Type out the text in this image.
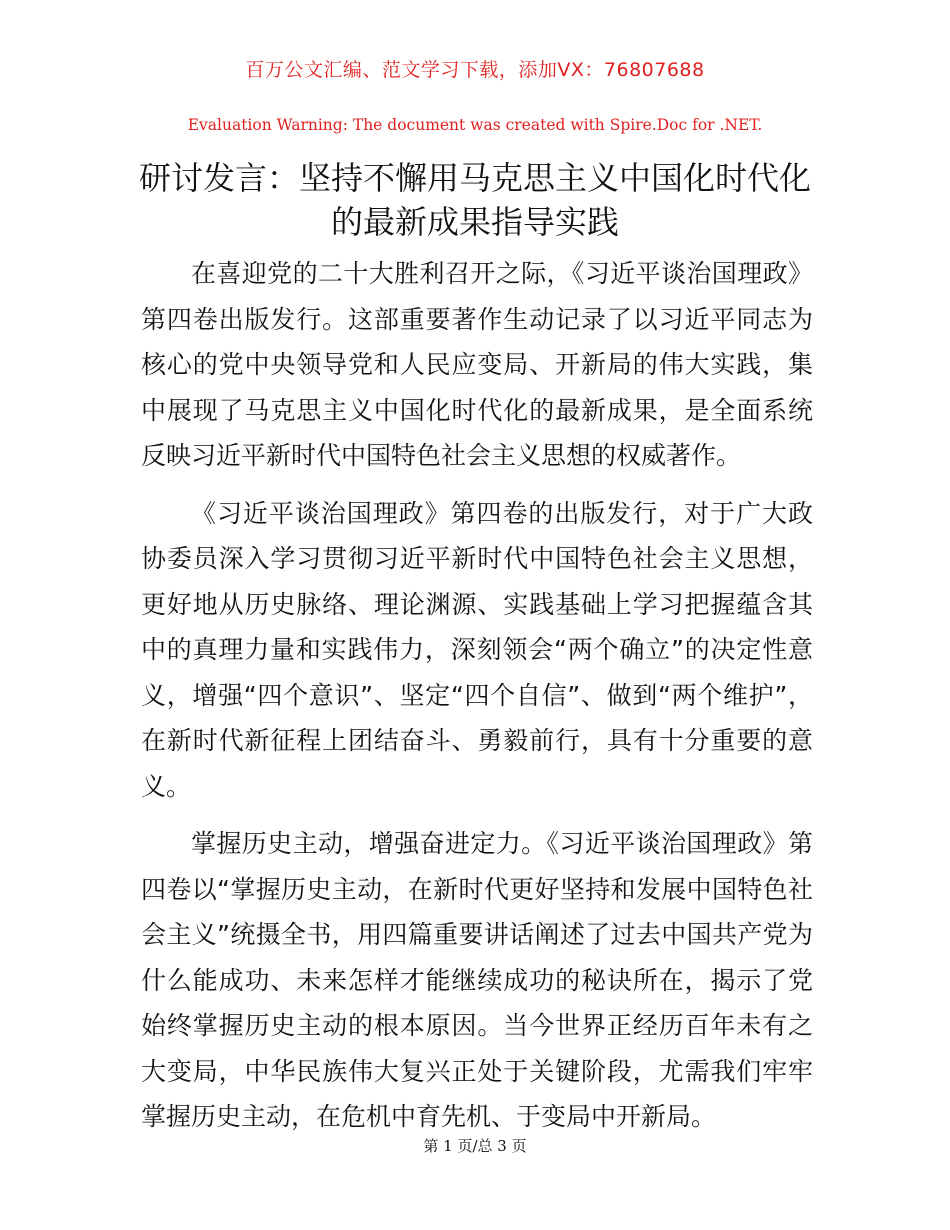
百万公文汇编、范文学习下载，添加VX：76807688
Evaluation Warning: The document was created with Spire.Doc for .NET.
研讨发言：坚持不懈用马克思主义中国化时代化的最新成果指导实践

在喜迎党的二十大胜利召开之际，《习近平谈治国理政》第四卷出版发行。这部重要著作生动记录了以习近平同志为核心的党中央领导党和人民应变局、开新局的伟大实践，集中展现了马克思主义中国化时代化的最新成果，是全面系统反映习近平新时代中国特色社会主义思想的权威著作。

《习近平谈治国理政》第四卷的出版发行，对于广大政协委员深入学习贯彻习近平新时代中国特色社会主义思想，更好地从历史脉络、理论渊源、实践基础上学习把握蕴含其中的真理力量和实践伟力，深刻领会“两个确立”的决定性意义，增强“四个意识”、坚定“四个自信”、做到“两个维护”，在新时代新征程上团结奋斗、勇毅前行，具有十分重要的意义。

掌握历史主动，增强奋进定力。《习近平谈治国理政》第四卷以“掌握历史主动，在新时代更好坚持和发展中国特色社会主义”统摄全书，用四篇重要讲话阐述了过去中国共产党为什么能成功、未来怎样才能继续成功的秘诀所在，揭示了党始终掌握历史主动的根本原因。当今世界正经历百年未有之大变局，中华民族伟大复兴正处于关键阶段，尤需我们牢牢掌握历史主动，在危机中育先机、于变局中开新局。

第 1 页/总 3 页
